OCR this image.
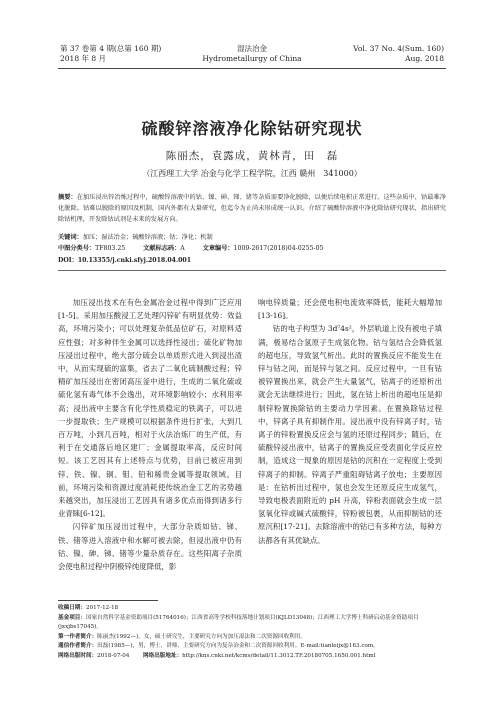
第 37 卷第 4 期(总第 160 期)
2018 年 8 月
湿法冶金
Hydrometallurgy of China
Vol. 37 No. 4(Sum. 160)
Aug. 2018
硫酸锌溶液净化除钴研究现状
陈丽杰，袁露成，黄林青，田　磊
（江西理工大学 冶金与化学工程学院，江西 赣州　341000）
摘要：在加压浸出锌冶炼过程中，硫酸锌溶液中的钴、镍、砷、锑、锗等杂质需要净化脱除，以便后续电积正常进行。这些杂质中，钴最难净化脱除。钴难以脱除的原因及机制，国内外都有大量研究，但迄今为止尚未形成统一认识。介绍了硫酸锌溶液中净化除钴研究现状，指出研究除钴机理，开发除钴试剂是未来的发展方向。
关键词：加压；湿法冶金；硫酸锌溶液；钴；净化；机制
中图分类号：TF803.25	文献标志码：A	文章编号：1009-2617(2018)04-0255-05
DOI：10.13355/j.cnki.sfyj.2018.04.001

加压浸出技术在有色金属冶金过程中得到广泛应用[1-5]。采用加压酸浸工艺处理闪锌矿有明显优势：效益高，环境污染小；可以处理复杂低品位矿石，对原料适应性强；对多种伴生金属可以选择性浸出；硫化矿物加压浸出过程中，绝大部分硫会以单质形式进入到浸出渣中，从而实现硫的富集，省去了二氧化硫制酸过程；锌精矿加压浸出在密闭高压釜中进行，生成的二氧化硫或硫化氢有毒气体不会逸出，对环境影响较小；水利用率高；浸出液中主要含有化学性质稳定的铁离子，可以进一步提取铁；生产规模可以根据条件进行扩张，大到几百万吨，小到几百吨，相对于火法冶炼厂的生产低，有利于在交通落后地区建厂；金属提取率高，反应时间短。该工艺因其有上述特点与优势，目前已被应用到锌、铁、镍、铜、钼、铅和稀贵金属等提取领域。目前，环境污染和资源过度消耗使传统冶金工艺的劣势越来越突出，加压浸出工艺因具有诸多优点而得到诸多行业青睐[6-12]。

闪锌矿加压浸出过程中，大部分杂质如钴、锑、铁、锗等进入溶液中和水解可被去除，但浸出液中仍有钴、镍、砷、锑、锗等少量杂质存在。这些阳离子杂质会使电积过程中阴极锌纯度降低，影

响电锌质量；还会使电积电流效率降低，能耗大幅增加[13-16]。

钴的电子构型为 3d⁷4s²，外层轨道上没有被电子填满，极易结合氢原子生成氢化物。钴与氢结合会降低氢的超电压，导致氢气析出。此时的置换反应不能发生在锌与钴之间，而是锌与氢之间。反应过程中，一旦有钴被锌置换出来，就会产生大量氢气，钴离子的还原析出就会无法继续进行；因此，氢在钴上析出的超电压是抑制锌粉置换除钴的主要动力学因素。在置换除钴过程中，锌离子具有抑制作用。浸出液中没有锌离子时，钴离子的锌粉置换反应会与氢的还原过程同步；随后，在硫酸锌浸出液中，钴离子的置换反应受表面化学反应控制，造成这一现象的原因是钴的沉积在一定程度上受到锌离子的抑制。锌离子严重阻碍钴离子放电；主要原因是：在钴析出过程中，氢也会发生还原反应生成氢气，导致电极表面附近的 pH 升高，锌粉表面就会生成一层氢氧化锌或碱式硫酸锌，锌粉被包裹，从而抑制钴的还原沉积[17-21]。去除溶液中的钴已有多种方法，每种方法都各有其优缺点。

收稿日期：2017-12-18
基金项目：国家自然科学基金资助项目(51764016)；江西省高等学校科技落地计划项目(KJLD13048)；江西理工大学博士科研启动基金资助项目(jxxjbs17045)。
第一作者简介：陈丽杰(1992—)，女，硕士研究生，主要研究方向为加压湿法和二次资源回收利用。
通信作者简介：田磊(1985—)，男，博士，讲师，主要研究方向为复杂冶金和二次资源回收利用。E-mail:tianleijx@163.com。
网络出版时间：2018-07-04 网络出版地址：http://kns.cnki.net/kcms/detail/11.3012.TF.20180705.1650.001.html
